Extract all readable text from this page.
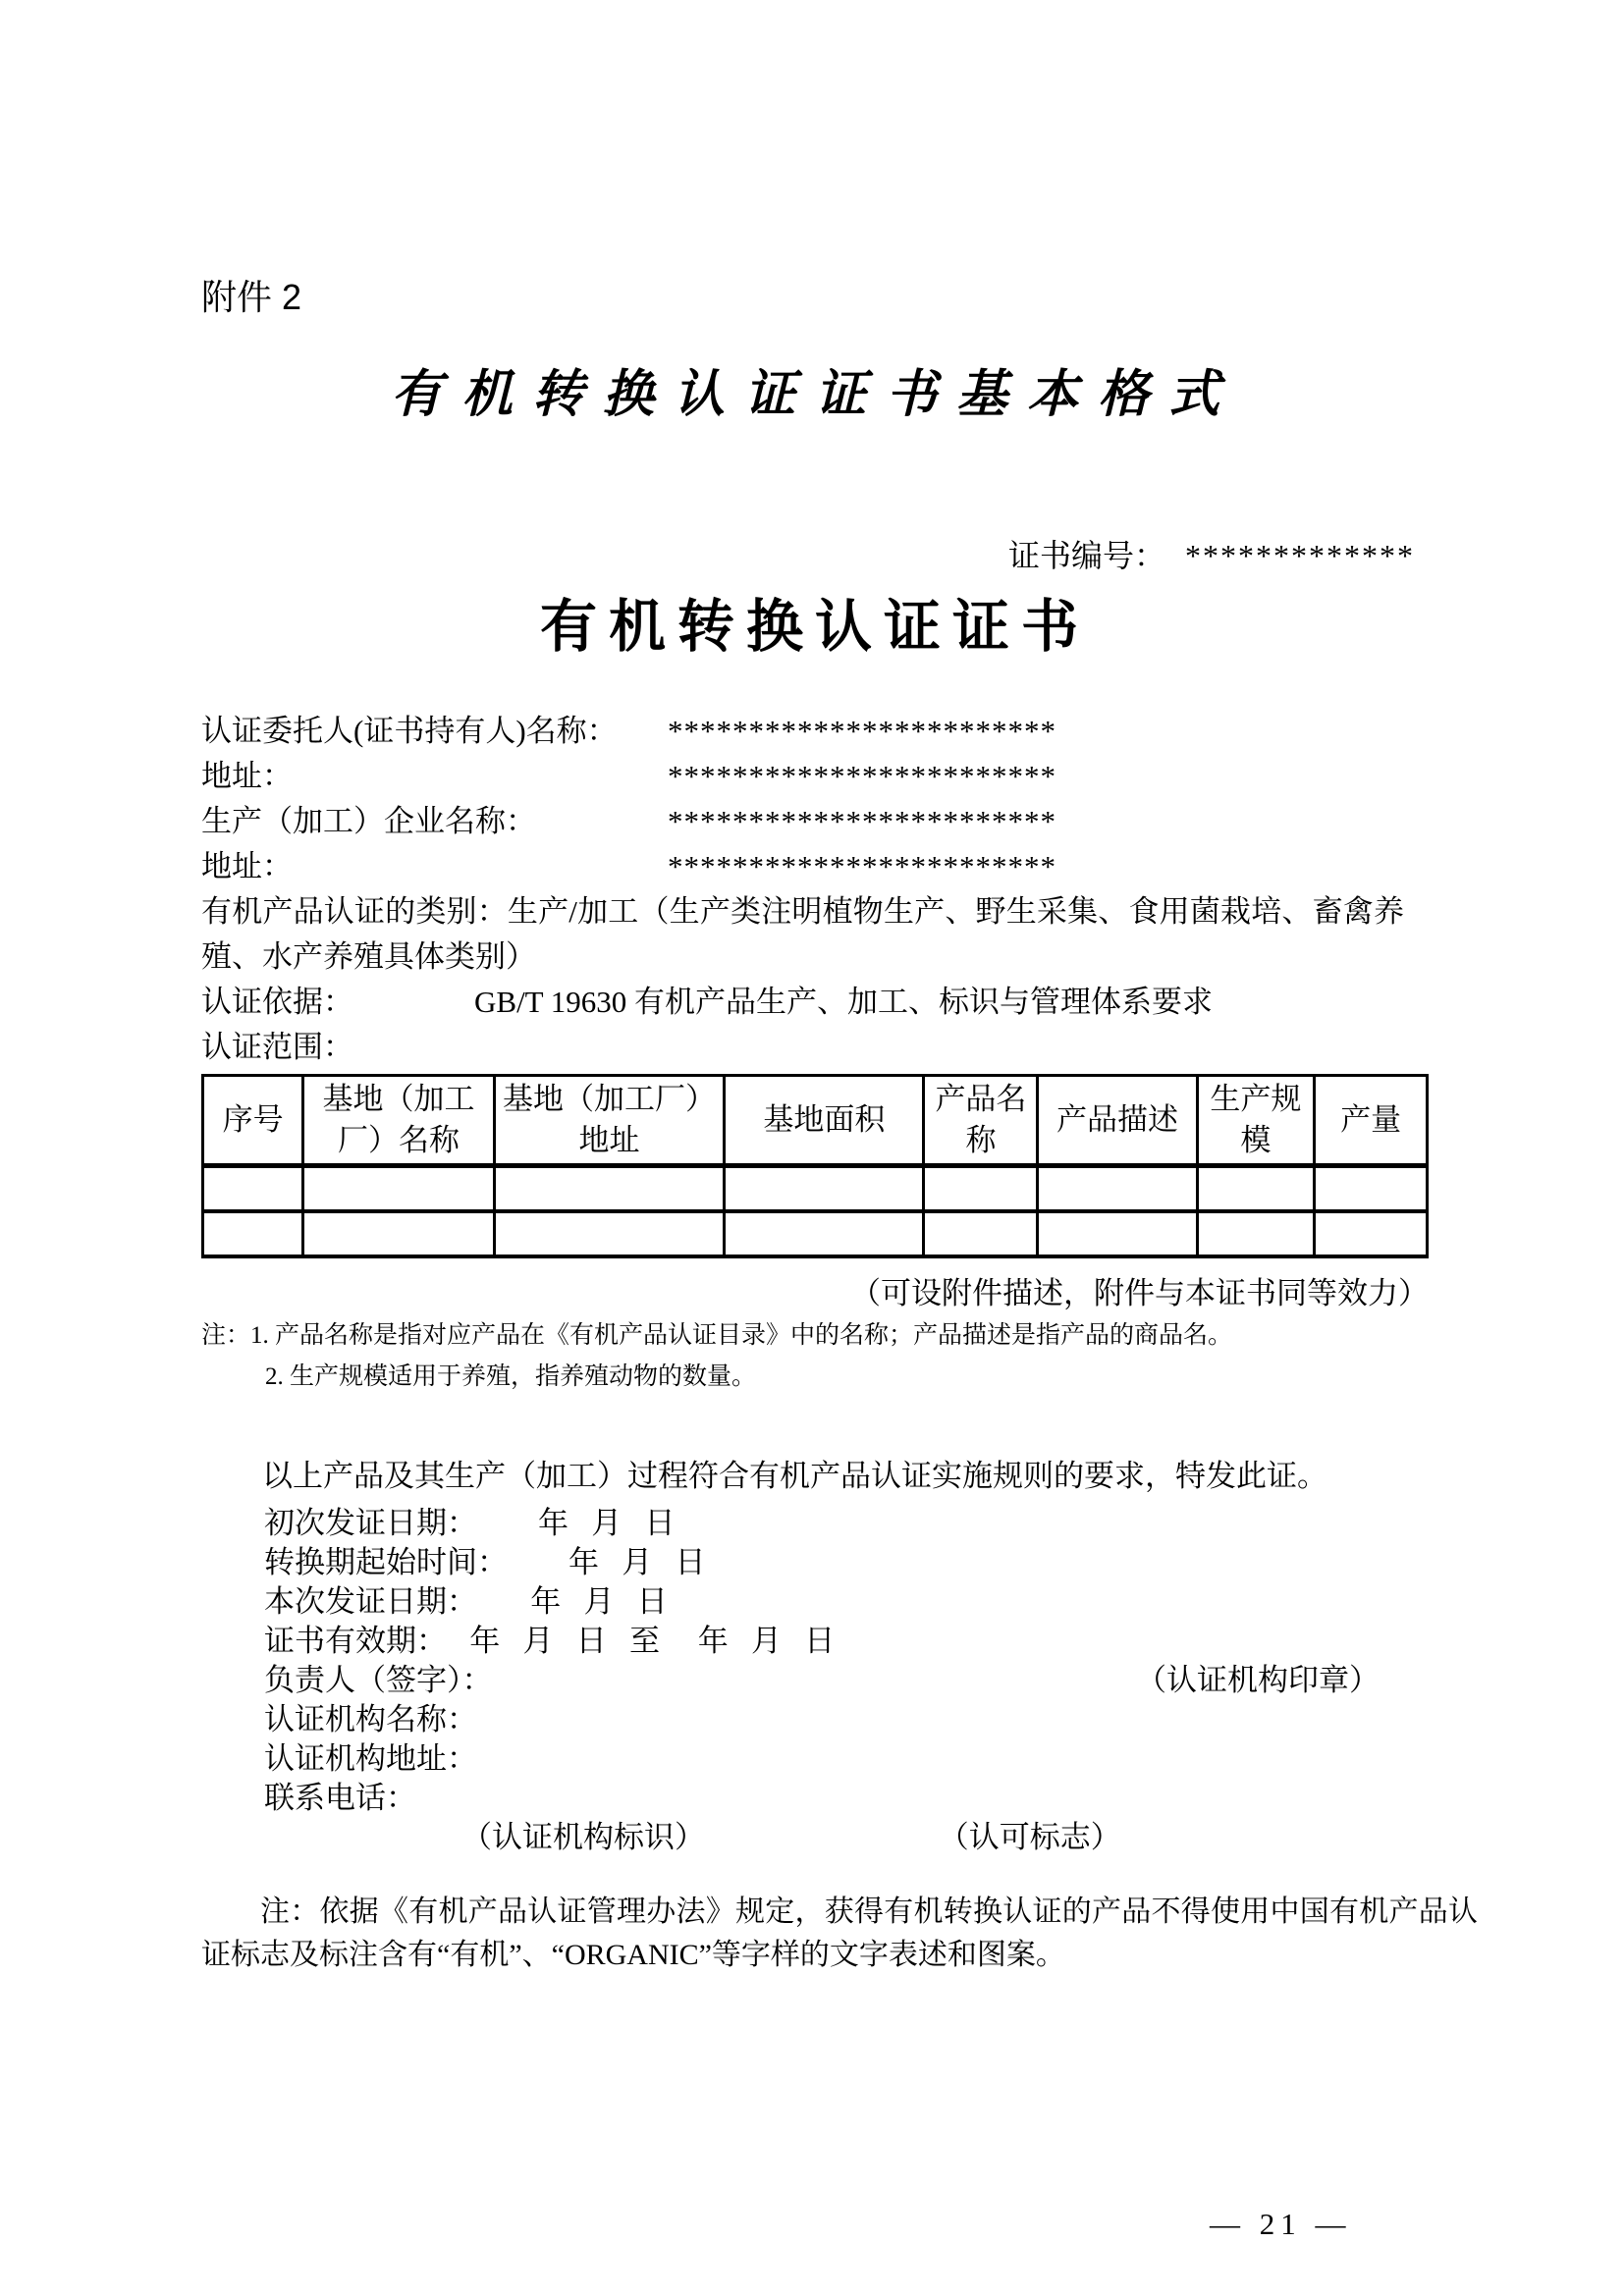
附件 2
有机转换认证证书基本格式
证书编号： *************
有机转换认证证书
认证委托人(证书持有人)名称：	************************
地址：	************************
生产（加工）企业名称：	************************
地址：	************************
有机产品认证的类别：生产/加工（生产类注明植物生产、野生采集、食用菌栽培、畜禽养殖、水产养殖具体类别）
认证依据：	GB/T 19630 有机产品生产、加工、标识与管理体系要求
认证范围：
序号	基地（加工厂）名称	基地（加工厂）地址	基地面积	产品名称	产品描述	生产规模	产量

（可设附件描述，附件与本证书同等效力）
注：1. 产品名称是指对应产品在《有机产品认证目录》中的名称；产品描述是指产品的商品名。
2. 生产规模适用于养殖，指养殖动物的数量。
以上产品及其生产（加工）过程符合有机产品认证实施规则的要求，特发此证。
初次发证日期：        年   月   日
转换期起始时间：        年   月   日
本次发证日期：       年   月   日
证书有效期：   年   月   日   至     年   月   日
负责人（签字）：	（认证机构印章）
认证机构名称：
认证机构地址：
联系电话：
（认证机构标识）	（认可标志）
注：依据《有机产品认证管理办法》规定，获得有机转换认证的产品不得使用中国有机产品认证标志及标注含有“有机”、“ORGANIC”等字样的文字表述和图案。
— 21 —
